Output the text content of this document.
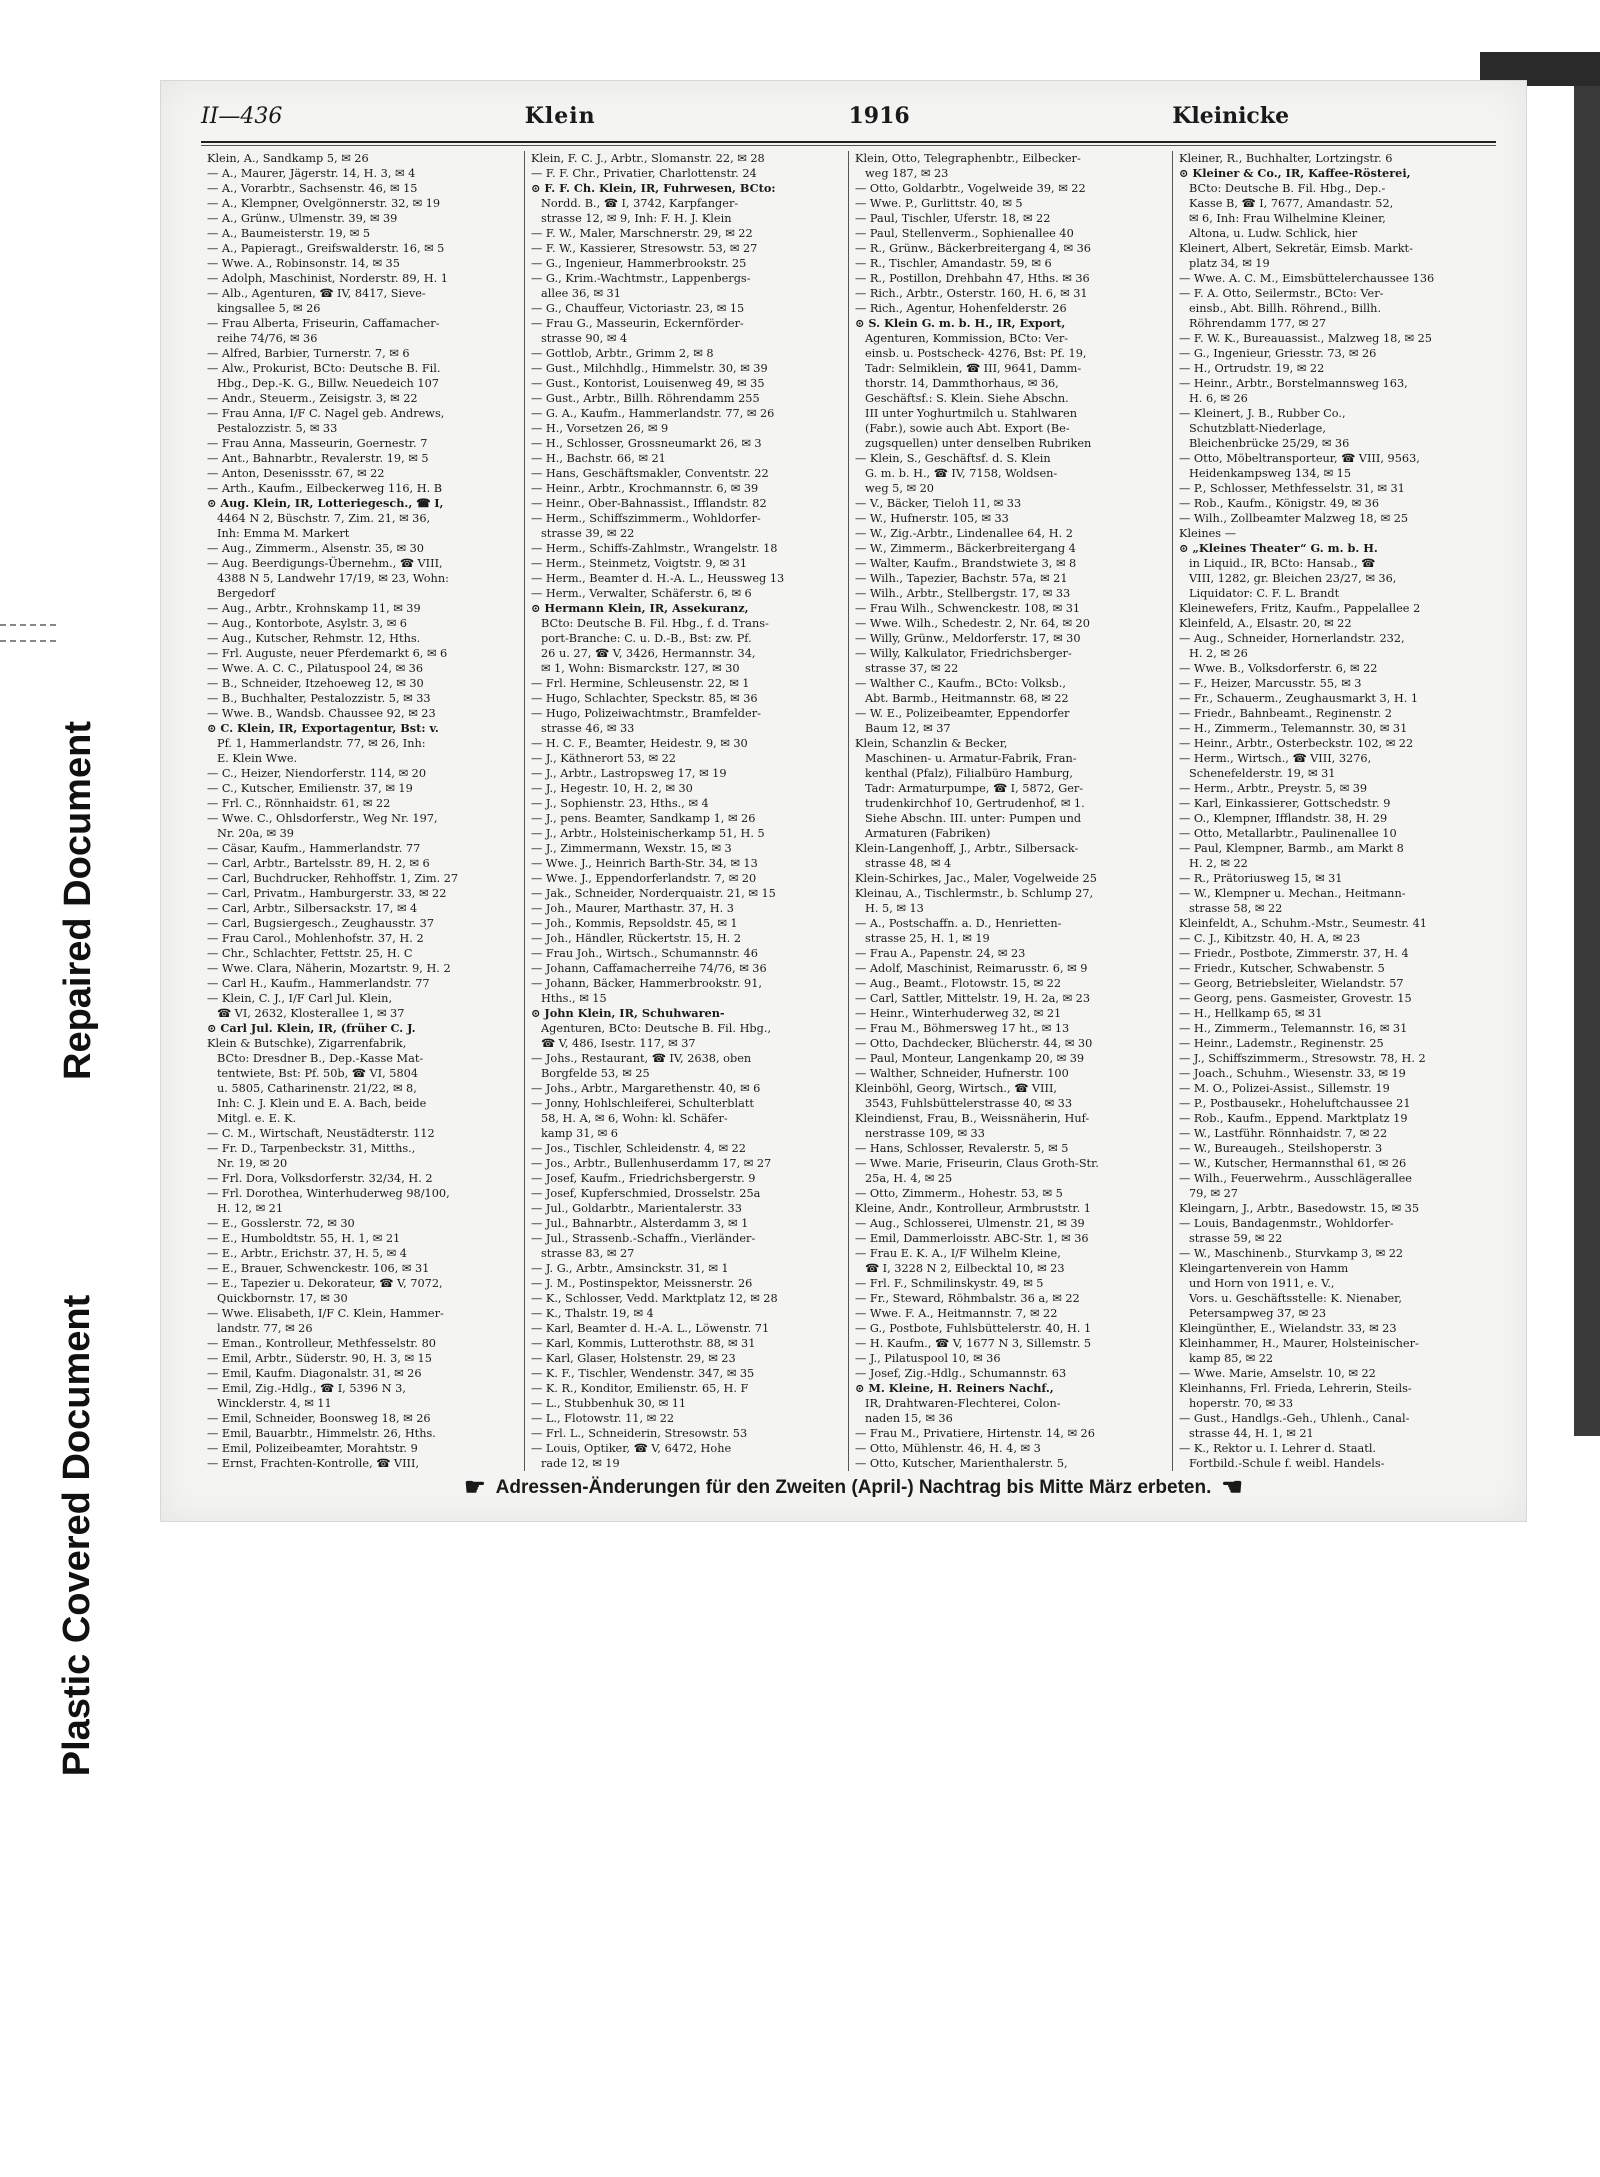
Repaired Document
Plastic Covered Document
II—436	Klein	1916	Kleinicke
Klein, A., Sandkamp 5, ✉ 26
— A., Maurer, Jägerstr. 14, H. 3, ✉ 4
— A., Vorarbtr., Sachsenstr. 46, ✉ 15
— A., Klempner, Ovelgönnerstr. 32, ✉ 19
— A., Grünw., Ulmenstr. 39, ✉ 39
— A., Baumeisterstr. 19, ✉ 5
— A., Papieragt., Greifswalderstr. 16, ✉ 5
— Wwe. A., Robinsonstr. 14, ✉ 35
— Adolph, Maschinist, Norderstr. 89, H. 1
— Alb., Agenturen, ☎ IV, 8417, Sieve-
kingsallee 5, ✉ 26
— Frau Alberta, Friseurin, Caffamacher-
reihe 74/76, ✉ 36
— Alfred, Barbier, Turnerstr. 7, ✉ 6
— Alw., Prokurist, BCto: Deutsche B. Fil.
Hbg., Dep.-K. G., Billw. Neuedeich 107
— Andr., Steuerm., Zeisigstr. 3, ✉ 22
— Frau Anna, I/F C. Nagel geb. Andrews,
Pestalozzistr. 5, ✉ 33
— Frau Anna, Masseurin, Goernestr. 7
— Ant., Bahnarbtr., Revalerstr. 19, ✉ 5
— Anton, Desenissstr. 67, ✉ 22
— Arth., Kaufm., Eilbeckerweg 116, H. B
⊙ Aug. Klein, IR, Lotteriegesch., ☎ I,
4464 N 2, Büschstr. 7, Zim. 21, ✉ 36,
Inh: Emma M. Markert
— Aug., Zimmerm., Alsenstr. 35, ✉ 30
— Aug. Beerdigungs-Übernehm., ☎ VIII,
4388 N 5, Landwehr 17/19, ✉ 23, Wohn:
Bergedorf
— Aug., Arbtr., Krohnskamp 11, ✉ 39
— Aug., Kontorbote, Asylstr. 3, ✉ 6
— Aug., Kutscher, Rehmstr. 12, Hths.
— Frl. Auguste, neuer Pferdemarkt 6, ✉ 6
— Wwe. A. C. C., Pilatuspool 24, ✉ 36
— B., Schneider, Itzehoeweg 12, ✉ 30
— B., Buchhalter, Pestalozzistr. 5, ✉ 33
— Wwe. B., Wandsb. Chaussee 92, ✉ 23
⊙ C. Klein, IR, Exportagentur, Bst: v.
Pf. 1, Hammerlandstr. 77, ✉ 26, Inh:
E. Klein Wwe.
— C., Heizer, Niendorferstr. 114, ✉ 20
— C., Kutscher, Emilienstr. 37, ✉ 19
— Frl. C., Rönnhaidstr. 61, ✉ 22
— Wwe. C., Ohlsdorferstr., Weg Nr. 197,
Nr. 20a, ✉ 39
— Cäsar, Kaufm., Hammerlandstr. 77
— Carl, Arbtr., Bartelsstr. 89, H. 2, ✉ 6
— Carl, Buchdrucker, Rehhoffstr. 1, Zim. 27
— Carl, Privatm., Hamburgerstr. 33, ✉ 22
— Carl, Arbtr., Silbersackstr. 17, ✉ 4
— Carl, Bugsiergesch., Zeughausstr. 37
— Frau Carol., Mohlenhofstr. 37, H. 2
— Chr., Schlachter, Fettstr. 25, H. C
— Wwe. Clara, Näherin, Mozartstr. 9, H. 2
— Carl H., Kaufm., Hammerlandstr. 77
— Klein, C. J., I/F Carl Jul. Klein,
☎ VI, 2632, Klosterallee 1, ✉ 37
⊙ Carl Jul. Klein, IR, (früher C. J.
Klein & Butschke), Zigarrenfabrik,
BCto: Dresdner B., Dep.-Kasse Mat-
tentwiete, Bst: Pf. 50b, ☎ VI, 5804
u. 5805, Catharinenstr. 21/22, ✉ 8,
Inh: C. J. Klein und E. A. Bach, beide
Mitgl. e. E. K.
— C. M., Wirtschaft, Neustädterstr. 112
— Fr. D., Tarpenbeckstr. 31, Mitths.,
Nr. 19, ✉ 20
— Frl. Dora, Volksdorferstr. 32/34, H. 2
— Frl. Dorothea, Winterhuderweg 98/100,
H. 12, ✉ 21
— E., Gosslerstr. 72, ✉ 30
— E., Humboldtstr. 55, H. 1, ✉ 21
— E., Arbtr., Erichstr. 37, H. 5, ✉ 4
— E., Brauer, Schwenckestr. 106, ✉ 31
— E., Tapezier u. Dekorateur, ☎ V, 7072,
Quickbornstr. 17, ✉ 30
— Wwe. Elisabeth, I/F C. Klein, Hammer-
landstr. 77, ✉ 26
— Eman., Kontrolleur, Methfesselstr. 80
— Emil, Arbtr., Süderstr. 90, H. 3, ✉ 15
— Emil, Kaufm. Diagonalstr. 31, ✉ 26
— Emil, Zig.-Hdlg., ☎ I, 5396 N 3,
Wincklerstr. 4, ✉ 11
— Emil, Schneider, Boonsweg 18, ✉ 26
— Emil, Bauarbtr., Himmelstr. 26, Hths.
— Emil, Polizeibeamter, Morahtstr. 9
— Ernst, Frachten-Kontrolle, ☎ VIII,
Klein, F. C. J., Arbtr., Slomanstr. 22, ✉ 28
— F. F. Chr., Privatier, Charlottenstr. 24
⊙ F. F. Ch. Klein, IR, Fuhrwesen, BCto:
Nordd. B., ☎ I, 3742, Karpfanger-
strasse 12, ✉ 9, Inh: F. H. J. Klein
— F. W., Maler, Marschnerstr. 29, ✉ 22
— F. W., Kassierer, Stresowstr. 53, ✉ 27
— G., Ingenieur, Hammerbrookstr. 25
— G., Krim.-Wachtmstr., Lappenbergs-
allee 36, ✉ 31
— G., Chauffeur, Victoriastr. 23, ✉ 15
— Frau G., Masseurin, Eckernförder-
strasse 90, ✉ 4
— Gottlob, Arbtr., Grimm 2, ✉ 8
— Gust., Milchhdlg., Himmelstr. 30, ✉ 39
— Gust., Kontorist, Louisenweg 49, ✉ 35
— Gust., Arbtr., Billh. Röhrendamm 255
— G. A., Kaufm., Hammerlandstr. 77, ✉ 26
— H., Vorsetzen 26, ✉ 9
— H., Schlosser, Grossneumarkt 26, ✉ 3
— H., Bachstr. 66, ✉ 21
— Hans, Geschäftsmakler, Conventstr. 22
— Heinr., Arbtr., Krochmannstr. 6, ✉ 39
— Heinr., Ober-Bahnassist., Ifflandstr. 82
— Herm., Schiffszimmerm., Wohldorfer-
strasse 39, ✉ 22
— Herm., Schiffs-Zahlmstr., Wrangelstr. 18
— Herm., Steinmetz, Voigtstr. 9, ✉ 31
— Herm., Beamter d. H.-A. L., Heussweg 13
— Herm., Verwalter, Schäferstr. 6, ✉ 6
⊙ Hermann Klein, IR, Assekuranz,
BCto: Deutsche B. Fil. Hbg., f. d. Trans-
port-Branche: C. u. D.-B., Bst: zw. Pf.
26 u. 27, ☎ V, 3426, Hermannstr. 34,
✉ 1, Wohn: Bismarckstr. 127, ✉ 30
— Frl. Hermine, Schleusenstr. 22, ✉ 1
— Hugo, Schlachter, Speckstr. 85, ✉ 36
— Hugo, Polizeiwachtmstr., Bramfelder-
strasse 46, ✉ 33
— H. C. F., Beamter, Heidestr. 9, ✉ 30
— J., Käthnerort 53, ✉ 22
— J., Arbtr., Lastropsweg 17, ✉ 19
— J., Hegestr. 10, H. 2, ✉ 30
— J., Sophienstr. 23, Hths., ✉ 4
— J., pens. Beamter, Sandkamp 1, ✉ 26
— J., Arbtr., Holsteinischerkamp 51, H. 5
— J., Zimmermann, Wexstr. 15, ✉ 3
— Wwe. J., Heinrich Barth-Str. 34, ✉ 13
— Wwe. J., Eppendorferlandstr. 7, ✉ 20
— Jak., Schneider, Norderquaistr. 21, ✉ 15
— Joh., Maurer, Marthastr. 37, H. 3
— Joh., Kommis, Repsoldstr. 45, ✉ 1
— Joh., Händler, Rückertstr. 15, H. 2
— Frau Joh., Wirtsch., Schumannstr. 46
— Johann, Caffamacherreihe 74/76, ✉ 36
— Johann, Bäcker, Hammerbrookstr. 91,
Hths., ✉ 15
⊙ John Klein, IR, Schuhwaren-
Agenturen, BCto: Deutsche B. Fil. Hbg.,
☎ V, 486, Isestr. 117, ✉ 37
— Johs., Restaurant, ☎ IV, 2638, oben
Borgfelde 53, ✉ 25
— Johs., Arbtr., Margarethenstr. 40, ✉ 6
— Jonny, Hohlschleiferei, Schulterblatt
58, H. A, ✉ 6, Wohn: kl. Schäfer-
kamp 31, ✉ 6
— Jos., Tischler, Schleidenstr. 4, ✉ 22
— Jos., Arbtr., Bullenhuserdamm 17, ✉ 27
— Josef, Kaufm., Friedrichsbergerstr. 9
— Josef, Kupferschmied, Drosselstr. 25a
— Jul., Goldarbtr., Marientalerstr. 33
— Jul., Bahnarbtr., Alsterdamm 3, ✉ 1
— Jul., Strassenb.-Schaffn., Vierländer-
strasse 83, ✉ 27
— J. G., Arbtr., Amsinckstr. 31, ✉ 1
— J. M., Postinspektor, Meissnerstr. 26
— K., Schlosser, Vedd. Marktplatz 12, ✉ 28
— K., Thalstr. 19, ✉ 4
— Karl, Beamter d. H.-A. L., Löwenstr. 71
— Karl, Kommis, Lutterothstr. 88, ✉ 31
— Karl, Glaser, Holstenstr. 29, ✉ 23
— K. F., Tischler, Wendenstr. 347, ✉ 35
— K. R., Konditor, Emilienstr. 65, H. F
— L., Stubbenhuk 30, ✉ 11
— L., Flotowstr. 11, ✉ 22
— Frl. L., Schneiderin, Stresowstr. 53
— Louis, Optiker, ☎ V, 6472, Hohe
rade 12, ✉ 19
Klein, Otto, Telegraphenbtr., Eilbecker-
weg 187, ✉ 23
— Otto, Goldarbtr., Vogelweide 39, ✉ 22
— Wwe. P., Gurlittstr. 40, ✉ 5
— Paul, Tischler, Uferstr. 18, ✉ 22
— Paul, Stellenverm., Sophienallee 40
— R., Grünw., Bäckerbreitergang 4, ✉ 36
— R., Tischler, Amandastr. 59, ✉ 6
— R., Postillon, Drehbahn 47, Hths. ✉ 36
— Rich., Arbtr., Osterstr. 160, H. 6, ✉ 31
— Rich., Agentur, Hohenfelderstr. 26
⊙ S. Klein G. m. b. H., IR, Export,
Agenturen, Kommission, BCto: Ver-
einsb. u. Postscheck- 4276, Bst: Pf. 19,
Tadr: Selmiklein, ☎ III, 9641, Damm-
thorstr. 14, Dammthorhaus, ✉ 36,
Geschäftsf.: S. Klein. Siehe Abschn.
III unter Yoghurtmilch u. Stahlwaren
(Fabr.), sowie auch Abt. Export (Be-
zugsquellen) unter denselben Rubriken
— Klein, S., Geschäftsf. d. S. Klein
G. m. b. H., ☎ IV, 7158, Woldsen-
weg 5, ✉ 20
— V., Bäcker, Tieloh 11, ✉ 33
— W., Hufnerstr. 105, ✉ 33
— W., Zig.-Arbtr., Lindenallee 64, H. 2
— W., Zimmerm., Bäckerbreitergang 4
— Walter, Kaufm., Brandstwiete 3, ✉ 8
— Wilh., Tapezier, Bachstr. 57a, ✉ 21
— Wilh., Arbtr., Stellbergstr. 17, ✉ 33
— Frau Wilh., Schwenckestr. 108, ✉ 31
— Wwe. Wilh., Schedestr. 2, Nr. 64, ✉ 20
— Willy, Grünw., Meldorferstr. 17, ✉ 30
— Willy, Kalkulator, Friedrichsberger-
strasse 37, ✉ 22
— Walther C., Kaufm., BCto: Volksb.,
Abt. Barmb., Heitmannstr. 68, ✉ 22
— W. E., Polizeibeamter, Eppendorfer
Baum 12, ✉ 37
Klein, Schanzlin & Becker,
Maschinen- u. Armatur-Fabrik, Fran-
kenthal (Pfalz), Filialbüro Hamburg,
Tadr: Armaturpumpe, ☎ I, 5872, Ger-
trudenkirchhof 10, Gertrudenhof, ✉ 1.
Siehe Abschn. III. unter: Pumpen und
Armaturen (Fabriken)
Klein-Langenhoff, J., Arbtr., Silbersack-
strasse 48, ✉ 4
Klein-Schirkes, Jac., Maler, Vogelweide 25
Kleinau, A., Tischlermstr., b. Schlump 27,
H. 5, ✉ 13
— A., Postschaffn. a. D., Henrietten-
strasse 25, H. 1, ✉ 19
— Frau A., Papenstr. 24, ✉ 23
— Adolf, Maschinist, Reimarusstr. 6, ✉ 9
— Aug., Beamt., Flotowstr. 15, ✉ 22
— Carl, Sattler, Mittelstr. 19, H. 2a, ✉ 23
— Heinr., Winterhuderweg 32, ✉ 21
— Frau M., Böhmersweg 17 ht., ✉ 13
— Otto, Dachdecker, Blücherstr. 44, ✉ 30
— Paul, Monteur, Langenkamp 20, ✉ 39
— Walther, Schneider, Hufnerstr. 100
Kleinböhl, Georg, Wirtsch., ☎ VIII,
3543, Fuhlsbüttelerstrasse 40, ✉ 33
Kleindienst, Frau, B., Weissnäherin, Huf-
nerstrasse 109, ✉ 33
— Hans, Schlosser, Revalerstr. 5, ✉ 5
— Wwe. Marie, Friseurin, Claus Groth-Str.
25a, H. 4, ✉ 25
— Otto, Zimmerm., Hohestr. 53, ✉ 5
Kleine, Andr., Kontrolleur, Armbruststr. 1
— Aug., Schlosserei, Ulmenstr. 21, ✉ 39
— Emil, Dammerloisstr. ABC-Str. 1, ✉ 36
— Frau E. K. A., I/F Wilhelm Kleine,
☎ I, 3228 N 2, Eilbecktal 10, ✉ 23
— Frl. F., Schmilinskystr. 49, ✉ 5
— Fr., Steward, Röhmbalstr. 36 a, ✉ 22
— Wwe. F. A., Heitmannstr. 7, ✉ 22
— G., Postbote, Fuhlsbüttelerstr. 40, H. 1
— H. Kaufm., ☎ V, 1677 N 3, Sillemstr. 5
— J., Pilatuspool 10, ✉ 36
— Josef, Zig.-Hdlg., Schumannstr. 63
⊙ M. Kleine, H. Reiners Nachf.,
IR, Drahtwaren-Flechterei, Colon-
naden 15, ✉ 36
— Frau M., Privatiere, Hirtenstr. 14, ✉ 26
— Otto, Mühlenstr. 46, H. 4, ✉ 3
— Otto, Kutscher, Marienthalerstr. 5,
Kleiner, R., Buchhalter, Lortzingstr. 6
⊙ Kleiner & Co., IR, Kaffee-Rösterei,
BCto: Deutsche B. Fil. Hbg., Dep.-
Kasse B, ☎ I, 7677, Amandastr. 52,
✉ 6, Inh: Frau Wilhelmine Kleiner,
Altona, u. Ludw. Schlick, hier
Kleinert, Albert, Sekretär, Eimsb. Markt-
platz 34, ✉ 19
— Wwe. A. C. M., Eimsbüttelerchaussee 136
— F. A. Otto, Seilermstr., BCto: Ver-
einsb., Abt. Billh. Röhrend., Billh.
Röhrendamm 177, ✉ 27
— F. W. K., Bureauassist., Malzweg 18, ✉ 25
— G., Ingenieur, Griesstr. 73, ✉ 26
— H., Ortrudstr. 19, ✉ 22
— Heinr., Arbtr., Borstelmannsweg 163,
H. 6, ✉ 26
— Kleinert, J. B., Rubber Co.,
Schutzblatt-Niederlage,
Bleichenbrücke 25/29, ✉ 36
— Otto, Möbeltransporteur, ☎ VIII, 9563,
Heidenkampsweg 134, ✉ 15
— P., Schlosser, Methfesselstr. 31, ✉ 31
— Rob., Kaufm., Königstr. 49, ✉ 36
— Wilh., Zollbeamter Malzweg 18, ✉ 25
Kleines —
⊙ „Kleines Theater“ G. m. b. H.
in Liquid., IR, BCto: Hansab., ☎
VIII, 1282, gr. Bleichen 23/27, ✉ 36,
Liquidator: C. F. L. Brandt
Kleinewefers, Fritz, Kaufm., Pappelallee 2
Kleinfeld, A., Elsastr. 20, ✉ 22
— Aug., Schneider, Hornerlandstr. 232,
H. 2, ✉ 26
— Wwe. B., Volksdorferstr. 6, ✉ 22
— F., Heizer, Marcusstr. 55, ✉ 3
— Fr., Schauerm., Zeughausmarkt 3, H. 1
— Friedr., Bahnbeamt., Reginenstr. 2
— H., Zimmerm., Telemannstr. 30, ✉ 31
— Heinr., Arbtr., Osterbeckstr. 102, ✉ 22
— Herm., Wirtsch., ☎ VIII, 3276,
Schenefelderstr. 19, ✉ 31
— Herm., Arbtr., Preystr. 5, ✉ 39
— Karl, Einkassierer, Gottschedstr. 9
— O., Klempner, Ifflandstr. 38, H. 29
— Otto, Metallarbtr., Paulinenallee 10
— Paul, Klempner, Barmb., am Markt 8
H. 2, ✉ 22
— R., Prätoriusweg 15, ✉ 31
— W., Klempner u. Mechan., Heitmann-
strasse 58, ✉ 22
Kleinfeldt, A., Schuhm.-Mstr., Seumestr. 41
— C. J., Kibitzstr. 40, H. A, ✉ 23
— Friedr., Postbote, Zimmerstr. 37, H. 4
— Friedr., Kutscher, Schwabenstr. 5
— Georg, Betriebsleiter, Wielandstr. 57
— Georg, pens. Gasmeister, Grovestr. 15
— H., Hellkamp 65, ✉ 31
— H., Zimmerm., Telemannstr. 16, ✉ 31
— Heinr., Lademstr., Reginenstr. 25
— J., Schiffszimmerm., Stresowstr. 78, H. 2
— Joach., Schuhm., Wiesenstr. 33, ✉ 19
— M. O., Polizei-Assist., Sillemstr. 19
— P., Postbausekr., Hoheluftchaussee 21
— Rob., Kaufm., Eppend. Marktplatz 19
— W., Lastführ. Rönnhaidstr. 7, ✉ 22
— W., Bureaugeh., Steilshoperstr. 3
— W., Kutscher, Hermannsthal 61, ✉ 26
— Wilh., Feuerwehrm., Ausschlägerallee
79, ✉ 27
Kleingarn, J., Arbtr., Basedowstr. 15, ✉ 35
— Louis, Bandagenmstr., Wohldorfer-
strasse 59, ✉ 22
— W., Maschinenb., Sturvkamp 3, ✉ 22
Kleingartenverein von Hamm
und Horn von 1911, e. V.,
Vors. u. Geschäftsstelle: K. Nienaber,
Petersampweg 37, ✉ 23
Kleingünther, E., Wielandstr. 33, ✉ 23
Kleinhammer, H., Maurer, Holsteinischer-
kamp 85, ✉ 22
— Wwe. Marie, Amselstr. 10, ✉ 22
Kleinhanns, Frl. Frieda, Lehrerin, Steils-
hoperstr. 70, ✉ 33
— Gust., Handlgs.-Geh., Uhlenh., Canal-
strasse 44, H. 1, ✉ 21
— K., Rektor u. I. Lehrer d. Staatl.
Fortbild.-Schule f. weibl. Handels-
☛ Adressen-Änderungen für den Zweiten (April-) Nachtrag bis Mitte März erbeten. ☚
